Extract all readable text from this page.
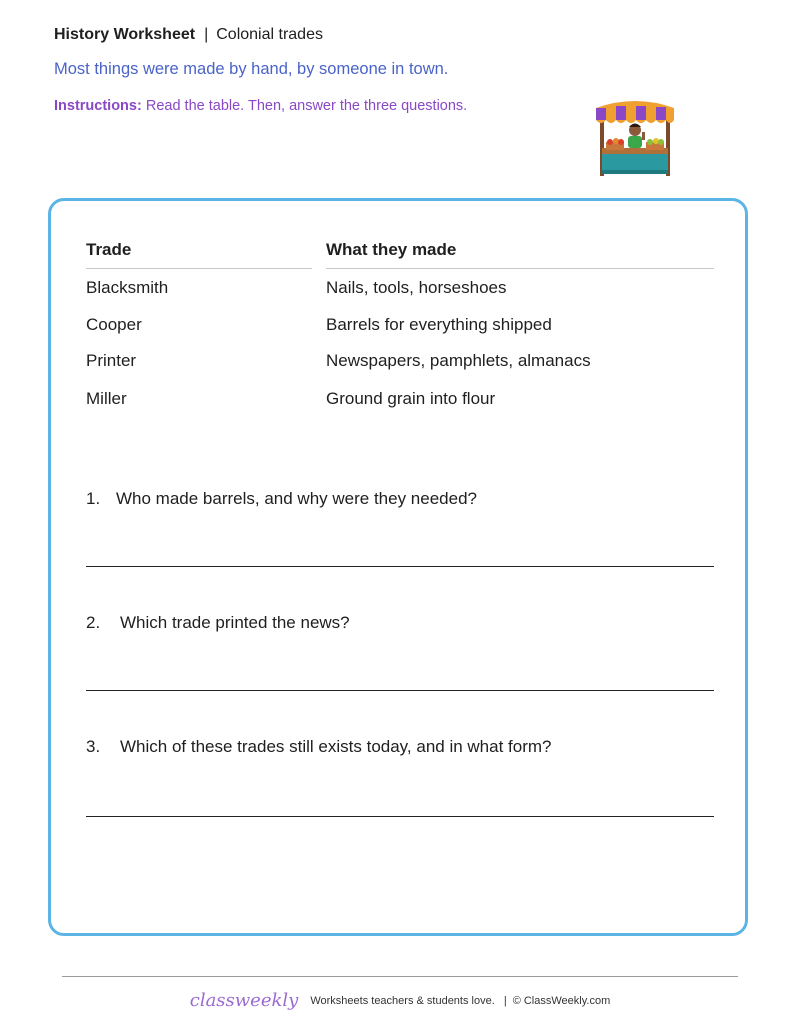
History Worksheet | Colonial trades
Most things were made by hand, by someone in town.
Instructions: Read the table. Then, answer the three questions.
Trade	What they made
Blacksmith	Nails, tools, horseshoes
Cooper	Barrels for everything shipped
Printer	Newspapers, pamphlets, almanacs
Miller	Ground grain into flour
1. Who made barrels, and why were they needed?
2. Which trade printed the news?
3. Which of these trades still exists today, and in what form?
classweekly Worksheets teachers & students love. | © ClassWeekly.com
